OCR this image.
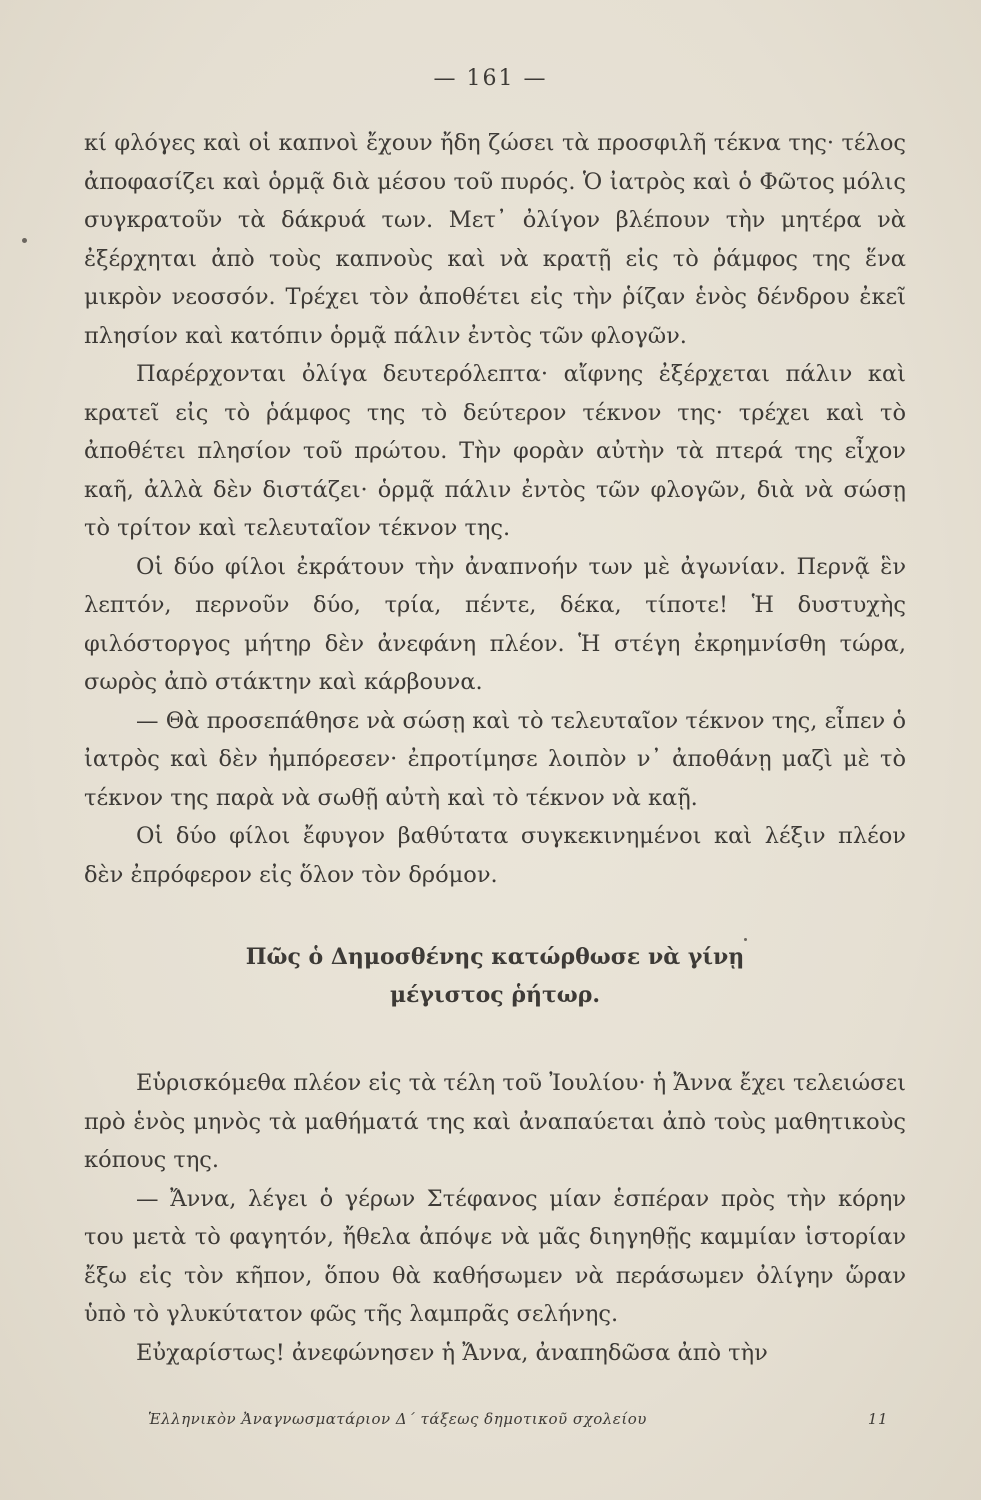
— 161 —

κί φλόγες καὶ οἱ καπνοὶ ἔχουν ἤδη ζώσει τὰ προσφιλῆ τέκνα της· τέλος ἀποφασίζει καὶ ὁρμᾷ διὰ μέσου τοῦ πυρός. Ὁ ἰατρὸς καὶ ὁ Φῶτος μόλις συγκρατοῦν τὰ δάκρυά των. Μετ᾽ ὀλίγον βλέπουν τὴν μητέρα νὰ ἐξέρχηται ἀπὸ τοὺς καπνοὺς καὶ νὰ κρατῇ εἰς τὸ ῥάμφος της ἕνα μικρὸν νεοσσόν. Τρέχει τὸν ἀποθέτει εἰς τὴν ῥίζαν ἑνὸς δένδρου ἐκεῖ πλησίον καὶ κατόπιν ὁρμᾷ πάλιν ἐντὸς τῶν φλογῶν.

Παρέρχονται ὀλίγα δευτερόλεπτα· αἴφνης ἐξέρχεται πάλιν καὶ κρατεῖ εἰς τὸ ῥάμφος της τὸ δεύτερον τέκνον της· τρέχει καὶ τὸ ἀποθέτει πλησίον τοῦ πρώτου. Τὴν φορὰν αὐτὴν τὰ πτερά της εἶχον καῆ, ἀλλὰ δὲν διστάζει· ὁρμᾷ πάλιν ἐντὸς τῶν φλογῶν, διὰ νὰ σώσῃ τὸ τρίτον καὶ τελευταῖον τέκνον της.

Οἱ δύο φίλοι ἐκράτουν τὴν ἀναπνοήν των μὲ ἀγωνίαν. Περνᾷ ἓν λεπτόν, περνοῦν δύο, τρία, πέντε, δέκα, τίποτε! Ἡ δυστυχὴς φιλόστοργος μήτηρ δὲν ἀνεφάνη πλέον. Ἡ στέγη ἐκρημνίσθη τώρα, σωρὸς ἀπὸ στάκτην καὶ κάρβουνα.

— Θὰ προσεπάθησε νὰ σώσῃ καὶ τὸ τελευταῖον τέκνον της, εἶπεν ὁ ἰατρὸς καὶ δὲν ἠμπόρεσεν· ἐπροτίμησε λοιπὸν ν᾽ ἀποθάνῃ μαζὶ μὲ τὸ τέκνον της παρὰ νὰ σωθῇ αὐτὴ καὶ τὸ τέκνον νὰ καῇ.

Οἱ δύο φίλοι ἔφυγον βαθύτατα συγκεκινημένοι καὶ λέξιν πλέον δὲν ἐπρόφερον εἰς ὅλον τὸν δρόμον.

Πῶς ὁ Δημοσθένης κατώρθωσε νὰ γίνῃ
μέγιστος ῥήτωρ.

Εὑρισκόμεθα πλέον εἰς τὰ τέλη τοῦ Ἰουλίου· ἡ Ἄννα ἔχει τελειώσει πρὸ ἑνὸς μηνὸς τὰ μαθήματά της καὶ ἀναπαύεται ἀπὸ τοὺς μαθητικοὺς κόπους της.

— Ἄννα, λέγει ὁ γέρων Στέφανος μίαν ἑσπέραν πρὸς τὴν κόρην του μετὰ τὸ φαγητόν, ἤθελα ἀπόψε νὰ μᾶς διηγηθῇς καμμίαν ἱστορίαν ἔξω εἰς τὸν κῆπον, ὅπου θὰ καθήσωμεν νὰ περάσωμεν ὀλίγην ὥραν ὑπὸ τὸ γλυκύτατον φῶς τῆς λαμπρᾶς σελήνης.

Εὐχαρίστως! ἀνεφώνησεν ἡ Ἄννα, ἀναπηδῶσα ἀπὸ τὴν

Ἑλληνικὸν Ἀναγνωσματάριον Δ΄ τάξεως δημοτικοῦ σχολείου	11
